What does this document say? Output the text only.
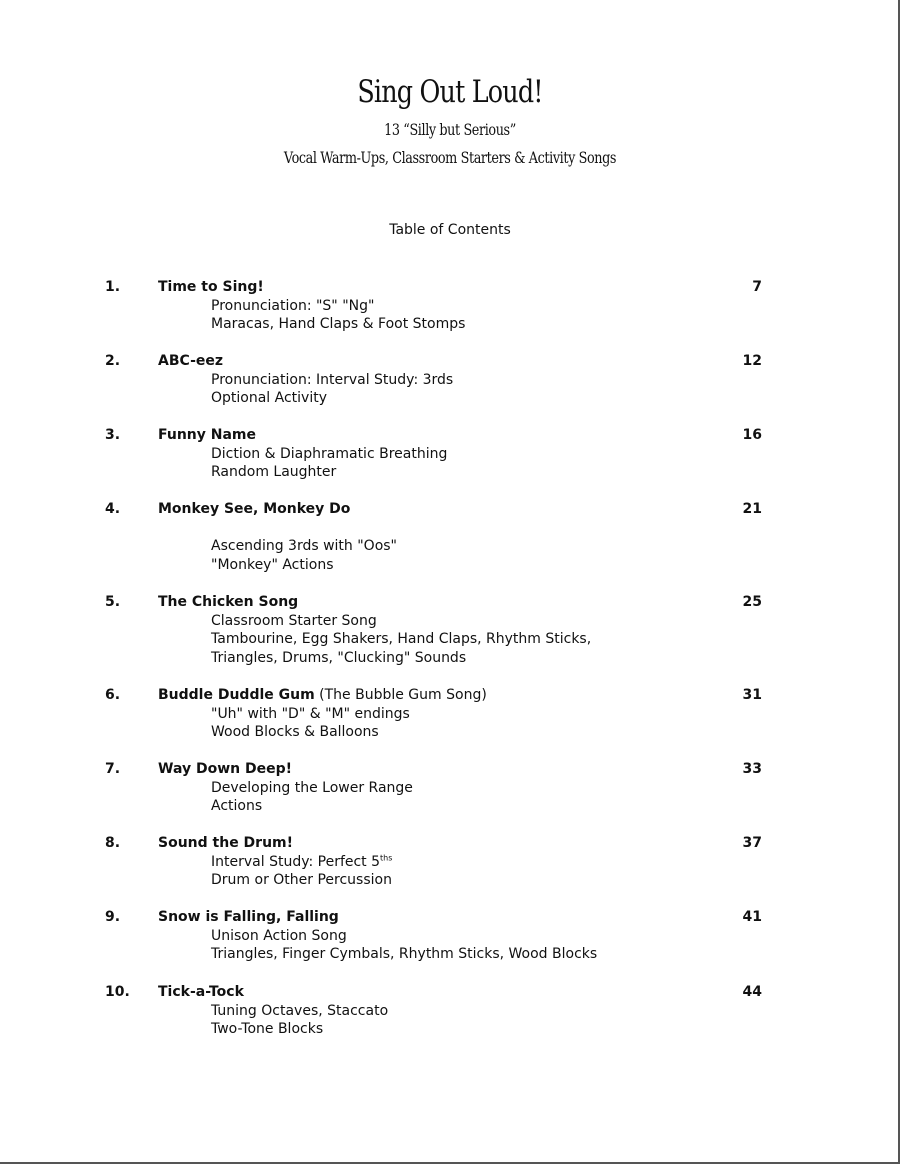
Sing Out Loud!
13 “Silly but Serious”
Vocal Warm-Ups, Classroom Starters & Activity Songs
Table of Contents
1.	Time to Sing!	7
Pronunciation: "S" "Ng"
Maracas, Hand Claps & Foot Stomps
2.	ABC-eez	12
Pronunciation: Interval Study: 3rds
Optional Activity
3.	Funny Name	16
Diction & Diaphramatic Breathing
Random Laughter
4.	Monkey See, Monkey Do	21
Ascending 3rds with "Oos"
"Monkey" Actions
5.	The Chicken Song	25
Classroom Starter Song
Tambourine, Egg Shakers, Hand Claps, Rhythm Sticks,
Triangles, Drums, "Clucking" Sounds
6.	Buddle Duddle Gum (The Bubble Gum Song)	31
"Uh" with "D" & "M" endings
Wood Blocks & Balloons
7.	Way Down Deep!	33
Developing the Lower Range
Actions
8.	Sound the Drum!	37
Interval Study: Perfect $5^{ths}$
Drum or Other Percussion
9.	Snow is Falling, Falling	41
Unison Action Song
Triangles, Finger Cymbals, Rhythm Sticks, Wood Blocks
10. Tick-a-Tock	44
Tuning Octaves, Staccato
Two-Tone Blocks
